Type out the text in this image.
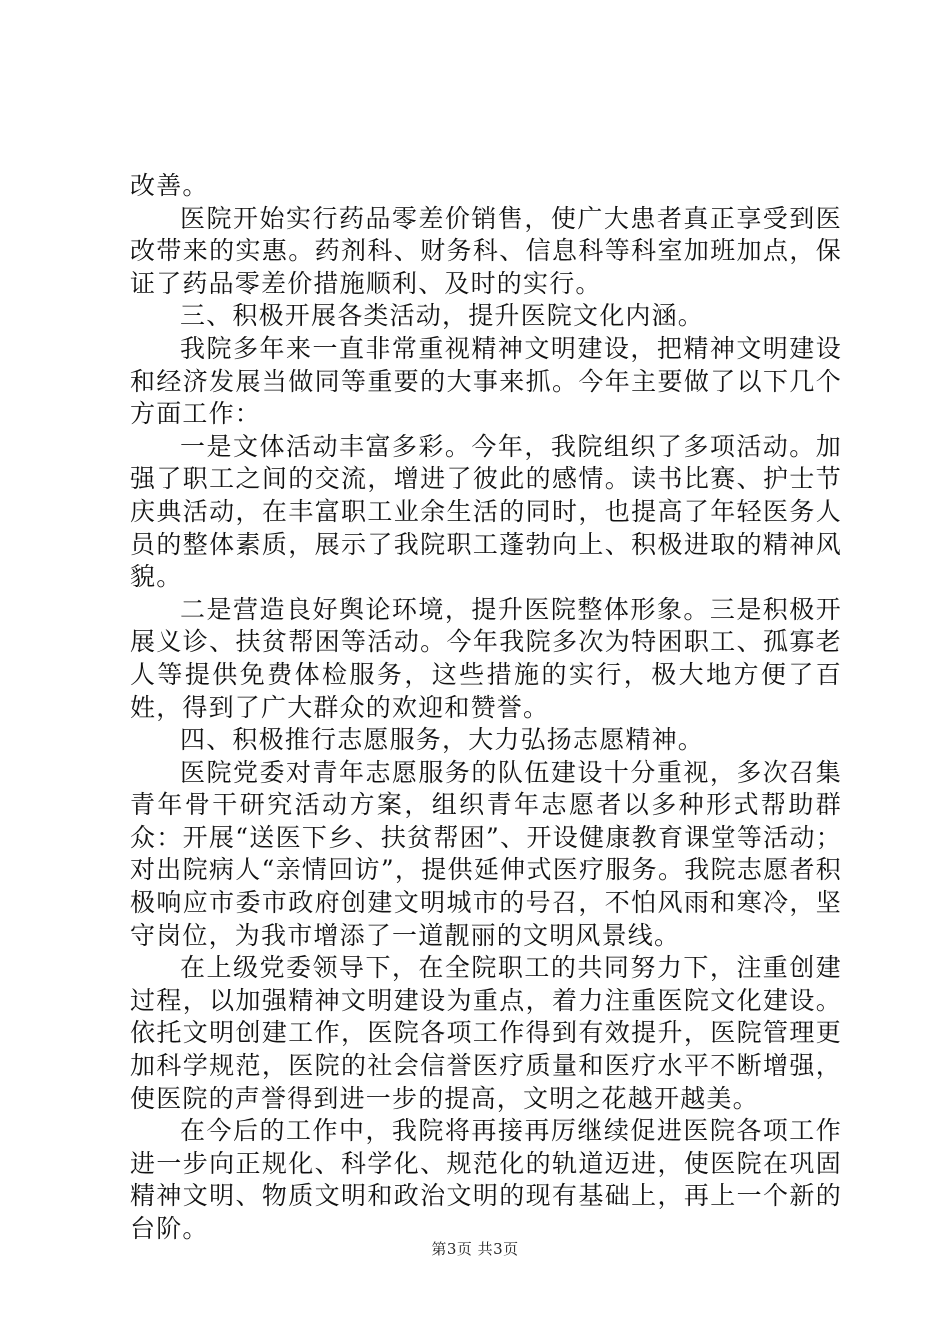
改善。

医院开始实行药品零差价销售，使广大患者真正享受到医改带来的实惠。药剂科、财务科、信息科等科室加班加点，保证了药品零差价措施顺利、及时的实行。

三、积极开展各类活动，提升医院文化内涵。

我院多年来一直非常重视精神文明建设，把精神文明建设和经济发展当做同等重要的大事来抓。今年主要做了以下几个方面工作：

一是文体活动丰富多彩。今年，我院组织了多项活动。加强了职工之间的交流，增进了彼此的感情。读书比赛、护士节庆典活动，在丰富职工业余生活的同时，也提高了年轻医务人员的整体素质，展示了我院职工蓬勃向上、积极进取的精神风貌。

二是营造良好舆论环境，提升医院整体形象。三是积极开展义诊、扶贫帮困等活动。今年我院多次为特困职工、孤寡老人等提供免费体检服务，这些措施的实行，极大地方便了百姓，得到了广大群众的欢迎和赞誉。

四、积极推行志愿服务，大力弘扬志愿精神。

医院党委对青年志愿服务的队伍建设十分重视，多次召集青年骨干研究活动方案，组织青年志愿者以多种形式帮助群众：开展“送医下乡、扶贫帮困”、开设健康教育课堂等活动；对出院病人“亲情回访”，提供延伸式医疗服务。我院志愿者积极响应市委市政府创建文明城市的号召，不怕风雨和寒冷，坚守岗位，为我市增添了一道靓丽的文明风景线。

在上级党委领导下，在全院职工的共同努力下，注重创建过程，以加强精神文明建设为重点，着力注重医院文化建设。依托文明创建工作，医院各项工作得到有效提升，医院管理更加科学规范，医院的社会信誉医疗质量和医疗水平不断增强，使医院的声誉得到进一步的提高，文明之花越开越美。

在今后的工作中，我院将再接再厉继续促进医院各项工作进一步向正规化、科学化、规范化的轨道迈进，使医院在巩固精神文明、物质文明和政治文明的现有基础上，再上一个新的台阶。

第3页 共3页
